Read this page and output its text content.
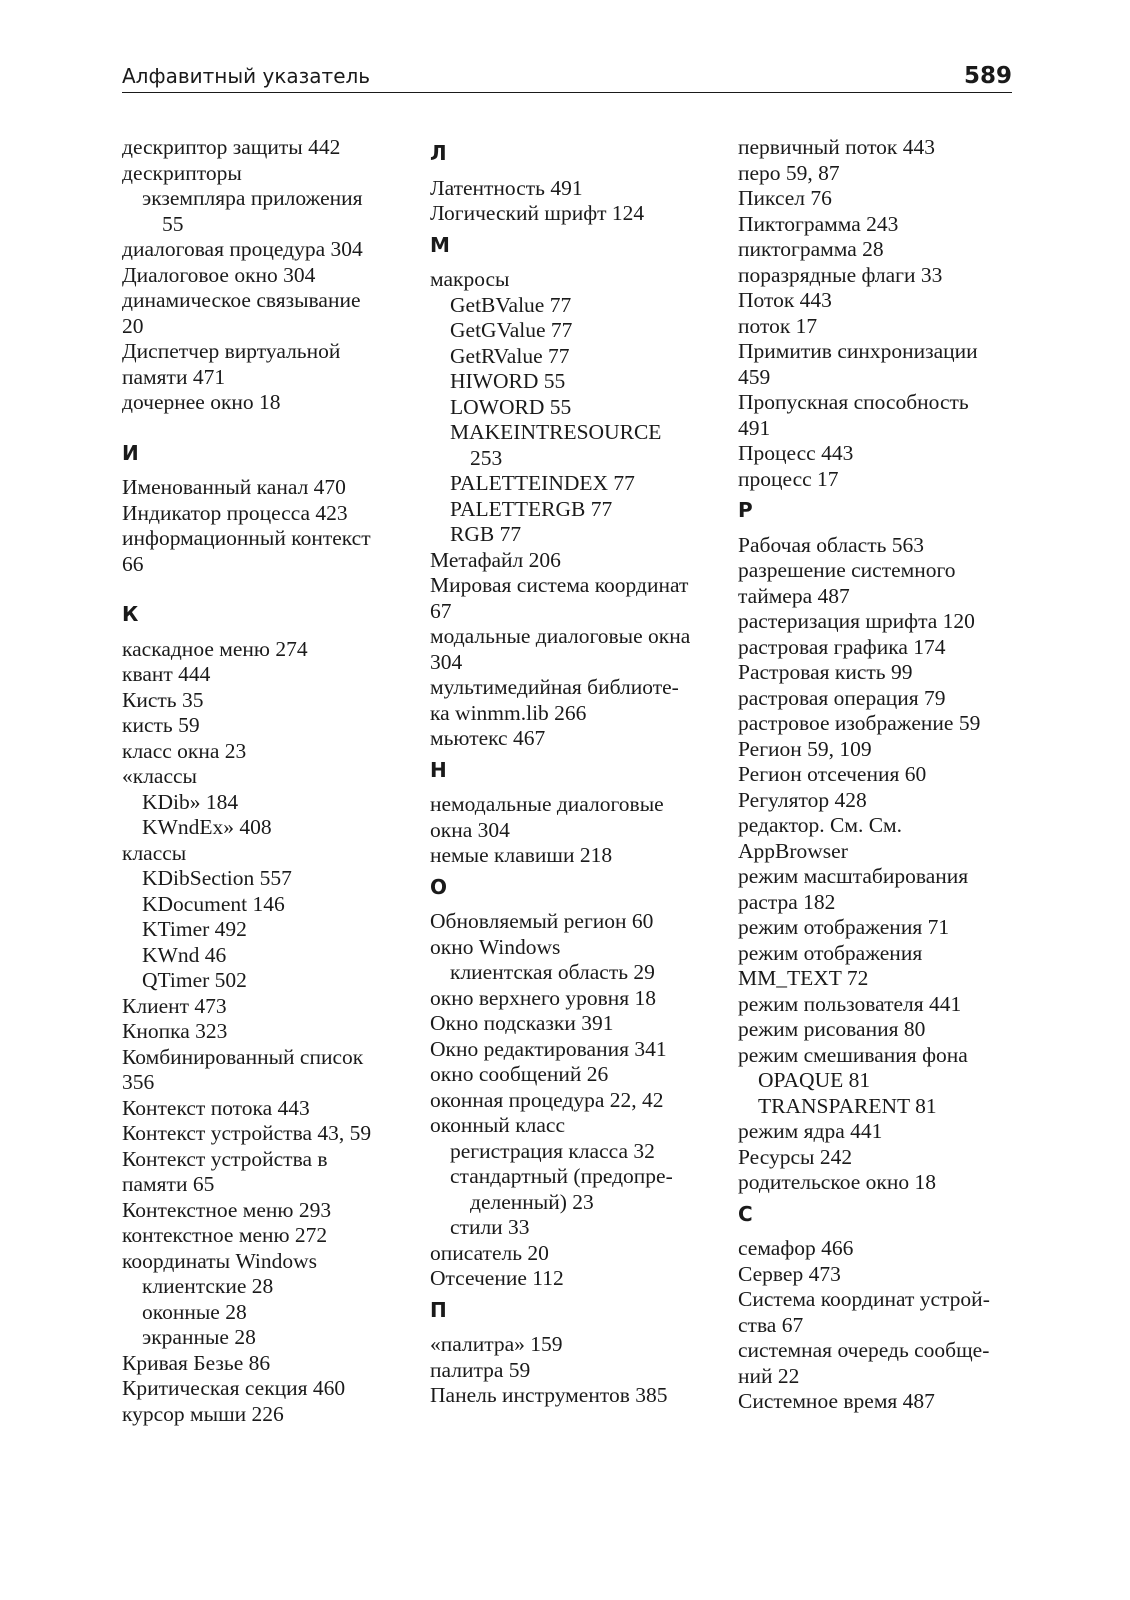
Алфавитный указатель	589
дескриптор защиты 442
дескрипторы
экземпляра приложения
55
диалоговая процедура 304
Диалоговое окно 304
динамическое связывание
20
Диспетчер виртуальной
памяти 471
дочернее окно 18
И
Именованный канал 470
Индикатор процесса 423
информационный контекст
66
К
каскадное меню 274
квант 444
Кисть 35
кисть 59
класс окна 23
«классы
KDib» 184
KWndEx» 408
классы
KDibSection 557
KDocument 146
KTimer 492
KWnd 46
QTimer 502
Клиент 473
Кнопка 323
Комбинированный список
356
Контекст потока 443
Контекст устройства 43, 59
Контекст устройства в
памяти 65
Контекстное меню 293
контекстное меню 272
координаты Windows
клиентские 28
оконные 28
экранные 28
Кривая Безье 86
Критическая секция 460
курсор мыши 226
Л
Латентность 491
Логический шрифт 124
М
макросы
GetBValue 77
GetGValue 77
GetRValue 77
HIWORD 55
LOWORD 55
MAKEINTRESOURCE
253
PALETTEINDEX 77
PALETTERGB 77
RGB 77
Метафайл 206
Мировая система координат
67
модальные диалоговые окна
304
мультимедийная библиоте-
ка winmm.lib 266
мьютекс 467
Н
немодальные диалоговые
окна 304
немые клавиши 218
О
Обновляемый регион 60
окно Windows
клиентская область 29
окно верхнего уровня 18
Окно подсказки 391
Окно редактирования 341
окно сообщений 26
оконная процедура 22, 42
оконный класс
регистрация класса 32
стандартный (предопре-
деленный) 23
стили 33
описатель 20
Отсечение 112
П
«палитра» 159
палитра 59
Панель инструментов 385
первичный поток 443
перо 59, 87
Пиксел 76
Пиктограмма 243
пиктограмма 28
поразрядные флаги 33
Поток 443
поток 17
Примитив синхронизации
459
Пропускная способность
491
Процесс 443
процесс 17
Р
Рабочая область 563
разрешение системного
таймера 487
растеризация шрифта 120
растровая графика 174
Растровая кисть 99
растровая операция 79
растровое изображение 59
Регион 59, 109
Регион отсечения 60
Регулятор 428
редактор. См. См.
AppBrowser
режим масштабирования
растра 182
режим отображения 71
режим отображения
MM_TEXT 72
режим пользователя 441
режим рисования 80
режим смешивания фона
OPAQUE 81
TRANSPARENT 81
режим ядра 441
Ресурсы 242
родительское окно 18
С
семафор 466
Сервер 473
Система координат устрой-
ства 67
системная очередь сообще-
ний 22
Системное время 487
